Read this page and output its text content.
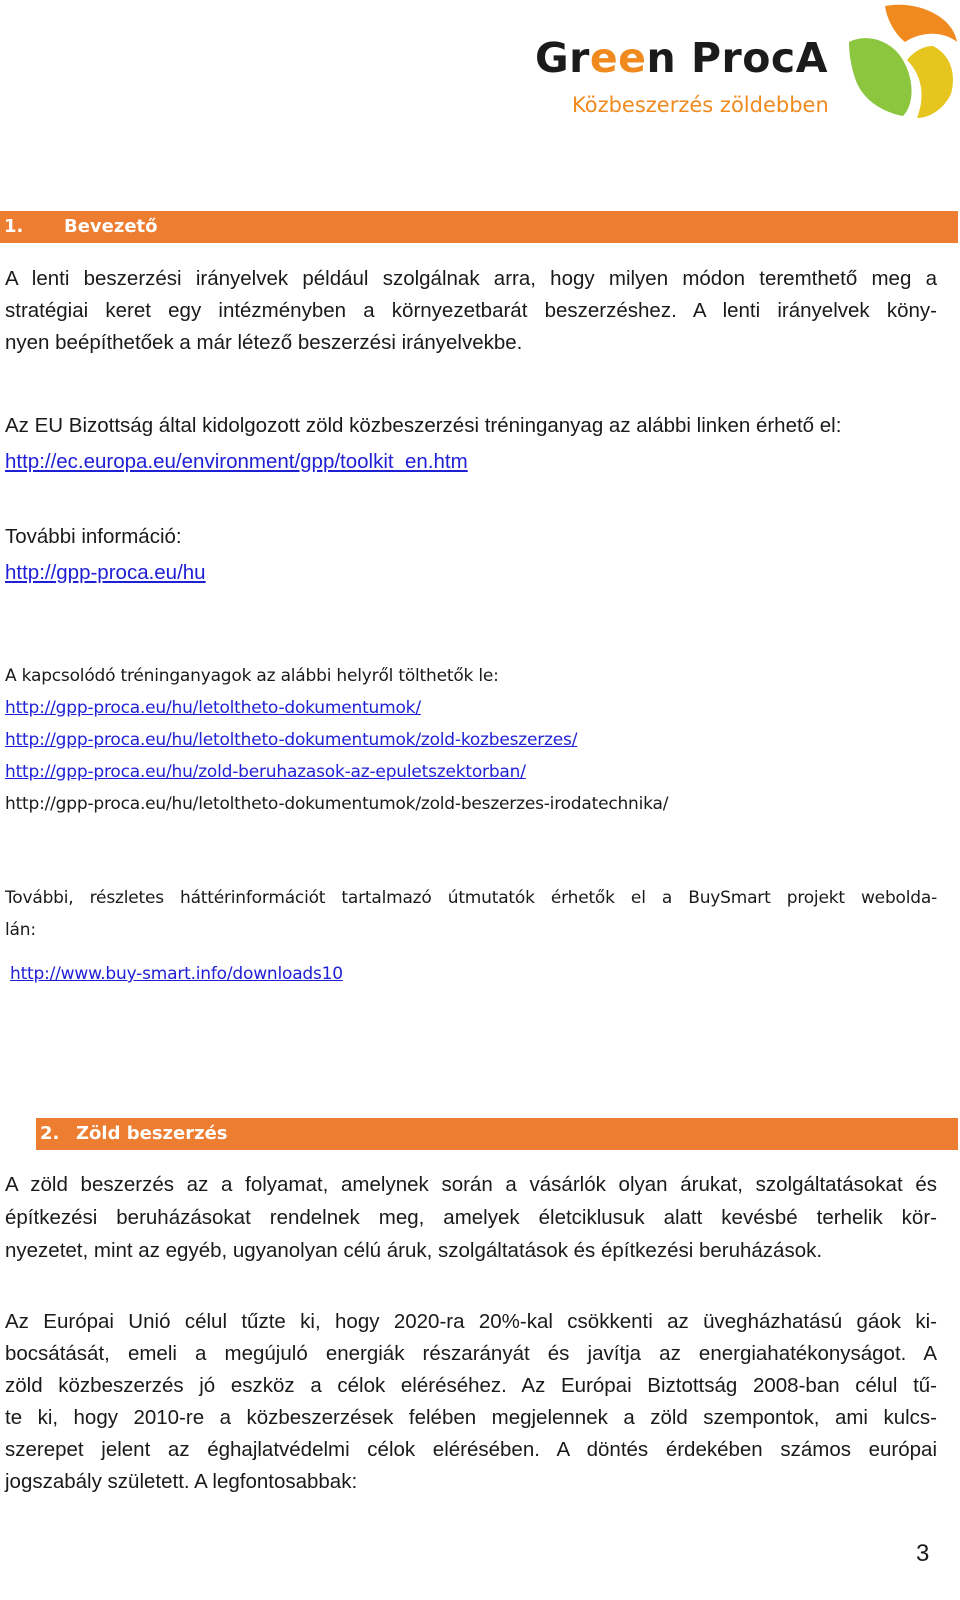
Green ProcA
Közbeszerzés zöldebben
1. Bevezető
A lenti beszerzési irányelvek például szolgálnak arra, hogy milyen módon teremthető meg a
stratégiai keret egy intézményben a környezetbarát beszerzéshez. A lenti irányelvek köny-
nyen beépíthetőek a már létező beszerzési irányelvekbe.
Az EU Bizottság által kidolgozott zöld közbeszerzési tréninganyag az alábbi linken érhető el:
http://ec.europa.eu/environment/gpp/toolkit_en.htm
További információ:
http://gpp-proca.eu/hu
A kapcsolódó tréninganyagok az alábbi helyről tölthetők le:
http://gpp-proca.eu/hu/letoltheto-dokumentumok/
http://gpp-proca.eu/hu/letoltheto-dokumentumok/zold-kozbeszerzes/
http://gpp-proca.eu/hu/zold-beruhazasok-az-epuletszektorban/
http://gpp-proca.eu/hu/letoltheto-dokumentumok/zold-beszerzes-irodatechnika/
További, részletes háttérinformációt tartalmazó útmutatók érhetők el a BuySmart projekt webolda-
lán:
http://www.buy-smart.info/downloads10
2. Zöld beszerzés
A zöld beszerzés az a folyamat, amelynek során a vásárlók olyan árukat, szolgáltatásokat és
építkezési beruházásokat rendelnek meg, amelyek életciklusuk alatt kevésbé terhelik kör-
nyezetet, mint az egyéb, ugyanolyan célú áruk, szolgáltatások és építkezési beruházások.
Az Európai Unió célul tűzte ki, hogy 2020-ra 20%-kal csökkenti az üvegházhatású gáok ki-
bocsátását, emeli a megújuló energiák részarányát és javítja az energiahatékonyságot. A
zöld közbeszerzés jó eszköz a célok eléréséhez. Az Európai Biztottság 2008-ban célul tű-
te ki, hogy 2010-re a közbeszerzések felében megjelennek a zöld szempontok, ami kulcs-
szerepet jelent az éghajlatvédelmi célok elérésében. A döntés érdekében számos európai
jogszabály született. A legfontosabbak:
3
